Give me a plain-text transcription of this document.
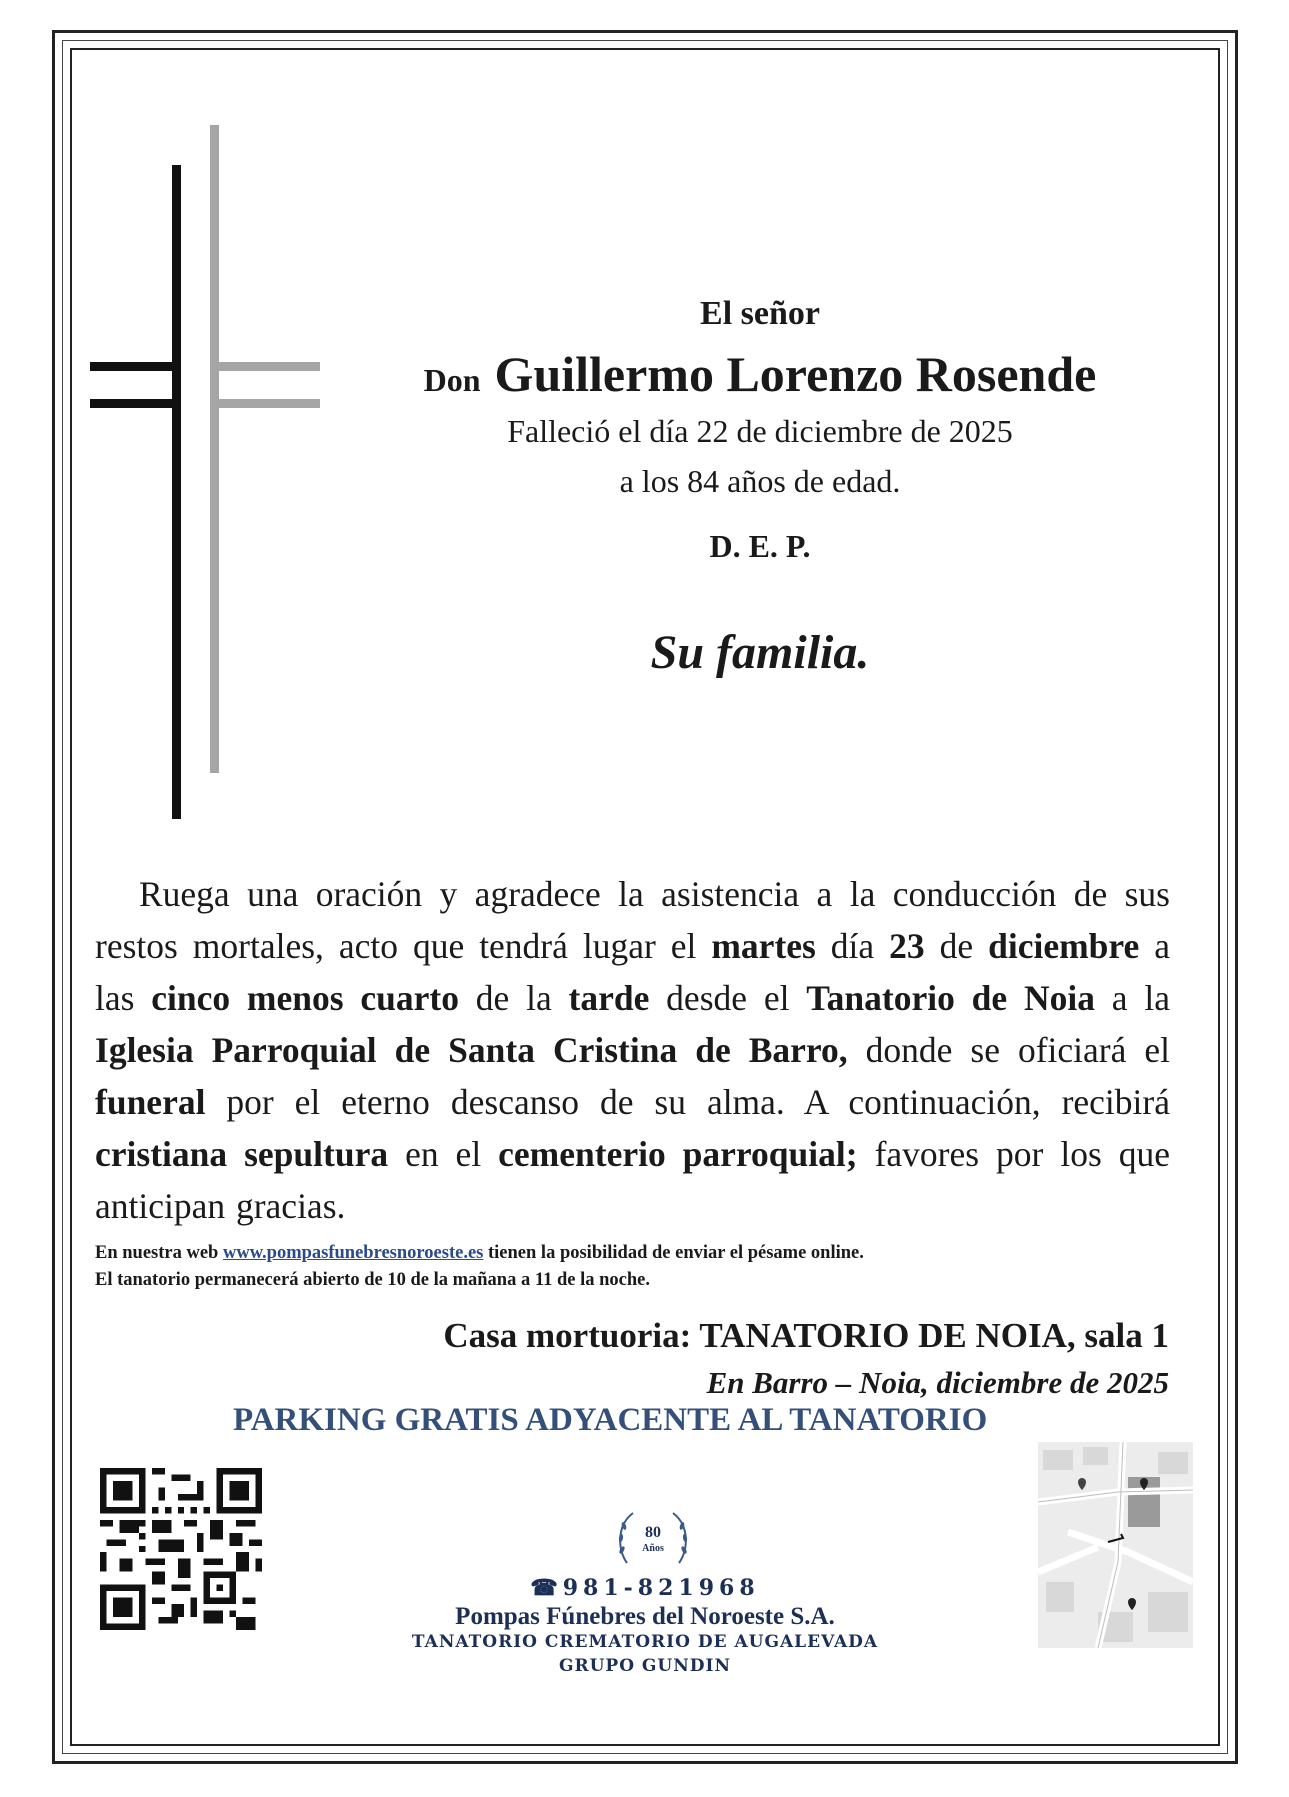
El señor
Don Guillermo Lorenzo Rosende
Falleció el día 22 de diciembre de 2025
a los 84 años de edad.
D. E. P.
Su familia.
Ruega una oración y agradece la asistencia a la conducción de sus restos mortales, acto que tendrá lugar el martes día 23 de diciembre a las cinco menos cuarto de la tarde desde el Tanatorio de Noia a la Iglesia Parroquial de Santa Cristina de Barro, donde se oficiará el funeral por el eterno descanso de su alma. A continuación, recibirá cristiana sepultura en el cementerio parroquial; favores por los que anticipan gracias.
En nuestra web www.pompasfunebresnoroeste.es tienen la posibilidad de enviar el pésame online.
El tanatorio permanecerá abierto de 10 de la mañana a 11 de la noche.
Casa mortuoria: TANATORIO DE NOIA, sala 1
En Barro – Noia, diciembre de 2025
PARKING GRATIS ADYACENTE AL TANATORIO
80
Años
☎981-821968
Pompas Fúnebres del Noroeste S.A.
TANATORIO CREMATORIO DE AUGALEVADA
GRUPO GUNDIN
